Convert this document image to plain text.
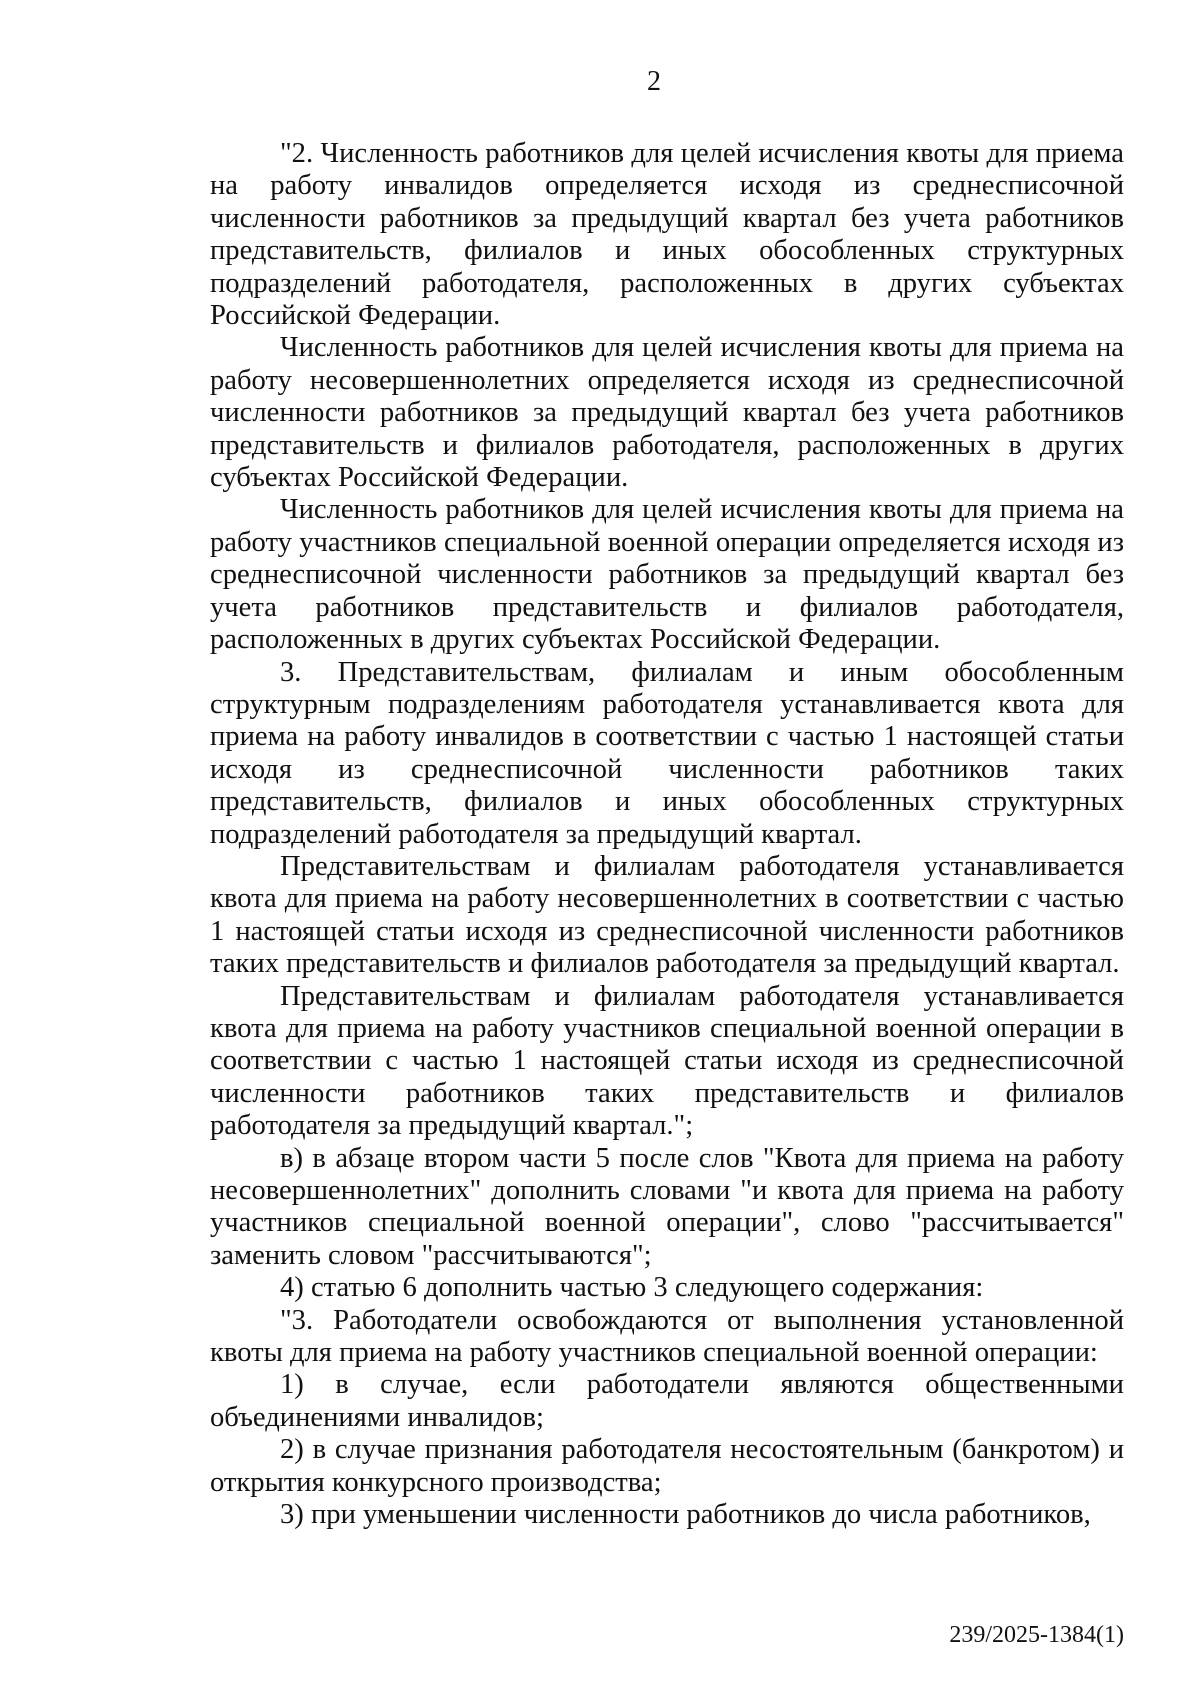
2

"2. Численность работников для целей исчисления квоты для приема на работу инвалидов определяется исходя из среднесписочной численности работников за предыдущий квартал без учета работников представительств, филиалов и иных обособленных структурных подразделений работодателя, расположенных в других субъектах Российской Федерации.

Численность работников для целей исчисления квоты для приема на работу несовершеннолетних определяется исходя из среднесписочной численности работников за предыдущий квартал без учета работников представительств и филиалов работодателя, расположенных в других субъектах Российской Федерации.

Численность работников для целей исчисления квоты для приема на работу участников специальной военной операции определяется исходя из среднесписочной численности работников за предыдущий квартал без учета работников представительств и филиалов работодателя, расположенных в других субъектах Российской Федерации.

3. Представительствам, филиалам и иным обособленным структурным подразделениям работодателя устанавливается квота для приема на работу инвалидов в соответствии с частью 1 настоящей статьи исходя из среднесписочной численности работников таких представительств, филиалов и иных обособленных структурных подразделений работодателя за предыдущий квартал.

Представительствам и филиалам работодателя устанавливается квота для приема на работу несовершеннолетних в соответствии с частью 1 настоящей статьи исходя из среднесписочной численности работников таких представительств и филиалов работодателя за предыдущий квартал.

Представительствам и филиалам работодателя устанавливается квота для приема на работу участников специальной военной операции в соответствии с частью 1 настоящей статьи исходя из среднесписочной численности работников таких представительств и филиалов работодателя за предыдущий квартал.";

в) в абзаце втором части 5 после слов "Квота для приема на работу несовершеннолетних" дополнить словами "и квота для приема на работу участников специальной военной операции", слово "рассчитывается" заменить словом "рассчитываются";

4) статью 6 дополнить частью 3 следующего содержания:

"3. Работодатели освобождаются от выполнения установленной квоты для приема на работу участников специальной военной операции:

1) в случае, если работодатели являются общественными объединениями инвалидов;

2) в случае признания работодателя несостоятельным (банкротом) и открытия конкурсного производства;

3) при уменьшении численности работников до числа работников,

239/2025-1384(1)
